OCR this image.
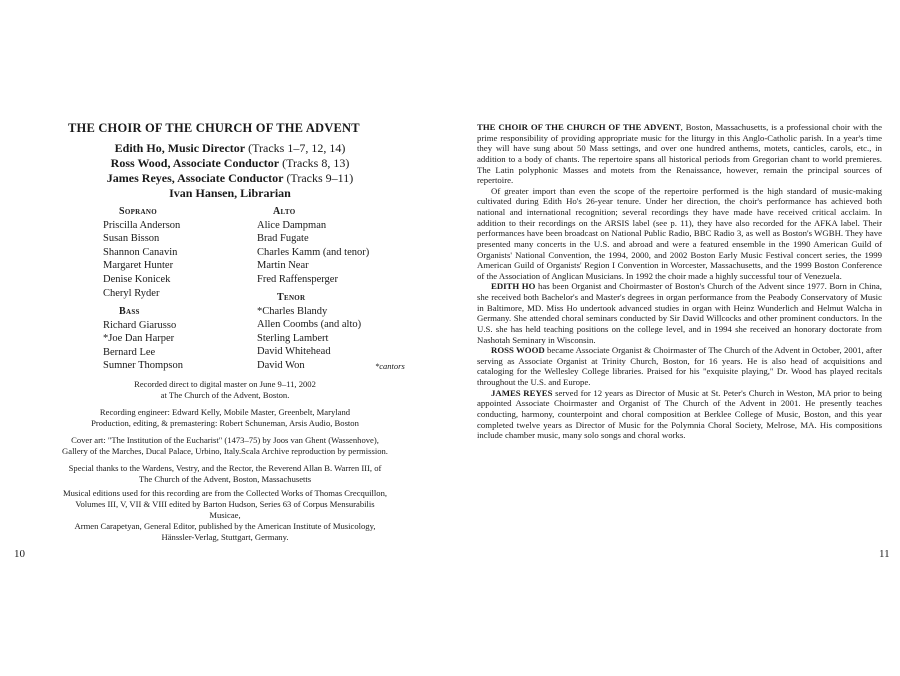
THE CHOIR OF THE CHURCH OF THE ADVENT
Edith Ho, Music Director (Tracks 1–7, 12, 14)
Ross Wood, Associate Conductor (Tracks 8, 13)
James Reyes, Associate Conductor (Tracks 9–11)
Ivan Hansen, Librarian
Soprano
Priscilla Anderson
Susan Bisson
Shannon Canavin
Margaret Hunter
Denise Konicek
Cheryl Ryder
Bass
Richard Giarusso
*Joe Dan Harper
Bernard Lee
Sumner Thompson
Alto
Alice Dampman
Brad Fugate
Charles Kamm (and tenor)
Martin Near
Fred Raffensperger
Tenor
*Charles Blandy
Allen Coombs (and alto)
Sterling Lambert
David Whitehead
David Won	*cantors
Recorded direct to digital master on June 9–11, 2002
at The Church of the Advent, Boston.
Recording engineer: Edward Kelly, Mobile Master, Greenbelt, Maryland
Production, editing, & premastering: Robert Schuneman, Arsis Audio, Boston
Cover art: "The Institution of the Eucharist" (1473–75) by Joos van Ghent (Wassenhove),
Gallery of the Marches, Ducal Palace, Urbino, Italy.Scala Archive reproduction by permission.
Special thanks to the Wardens, Vestry, and the Rector, the Reverend Allan B. Warren III, of
The Church of the Advent, Boston, Massachusetts
Musical editions used for this recording are from the Collected Works of Thomas Crecquillon,
Volumes III, V, VII & VIII edited by Barton Hudson, Series 63 of Corpus Mensurabilis Musicae,
Armen Carapetyan, General Editor, published by the American Institute of Musicology,
Hänssler-Verlag, Stuttgart, Germany.
10

THE CHOIR OF THE CHURCH OF THE ADVENT, Boston, Massachusetts, is a professional choir with the prime responsibility of providing appropriate music for the liturgy in this Anglo-Catholic parish. In a year's time they will have sung about 50 Mass settings, and over one hundred anthems, motets, canticles, carols, etc., in addition to a body of chants. The repertoire spans all historical periods from Gregorian chant to world premieres. The Latin polyphonic Masses and motets from the Renaissance, however, remain the principal sources of repertoire.

Of greater import than even the scope of the repertoire performed is the high standard of music-making cultivated during Edith Ho's 26-year tenure. Under her direction, the choir's performance has achieved both national and international recognition; several recordings they have made have received critical acclaim. In addition to their recordings on the ARSIS label (see p. 11), they have also recorded for the AFKA label. Their performances have been broadcast on National Public Radio, BBC Radio 3, as well as Boston's WGBH. They have presented many concerts in the U.S. and abroad and were a featured ensemble in the 1990 American Guild of Organists' National Convention, the 1994, 2000, and 2002 Boston Early Music Festival concert series, the 1999 American Guild of Organists' Region I Convention in Worcester, Massachusetts, and the 1999 Boston Conference of the Association of Anglican Musicians. In 1992 the choir made a highly successful tour of Venezuela.

EDITH HO has been Organist and Choirmaster of Boston's Church of the Advent since 1977. Born in China, she received both Bachelor's and Master's degrees in organ performance from the Peabody Conservatory of Music in Baltimore, MD. Miss Ho undertook advanced studies in organ with Heinz Wunderlich and Helmut Walcha in Germany. She attended choral seminars conducted by Sir David Willcocks and other prominent conductors. In the U.S. she has held teaching positions on the college level, and in 1994 she received an honorary doctorate from Nashotah Seminary in Wisconsin.

ROSS WOOD became Associate Organist & Choirmaster of The Church of the Advent in October, 2001, after serving as Associate Organist at Trinity Church, Boston, for 16 years. He is also head of acquisitions and cataloging for the Wellesley College libraries. Praised for his "exquisite playing," Dr. Wood has played recitals throughout the U.S. and Europe.

JAMES REYES served for 12 years as Director of Music at St. Peter's Church in Weston, MA prior to being appointed Associate Choirmaster and Organist of The Church of the Advent in 2001. He presently teaches conducting, harmony, counterpoint and choral composition at Berklee College of Music, Boston, and this year completed twelve years as Director of Music for the Polymnia Choral Society, Melrose, MA. His compositions include chamber music, many solo songs and choral works.

11
